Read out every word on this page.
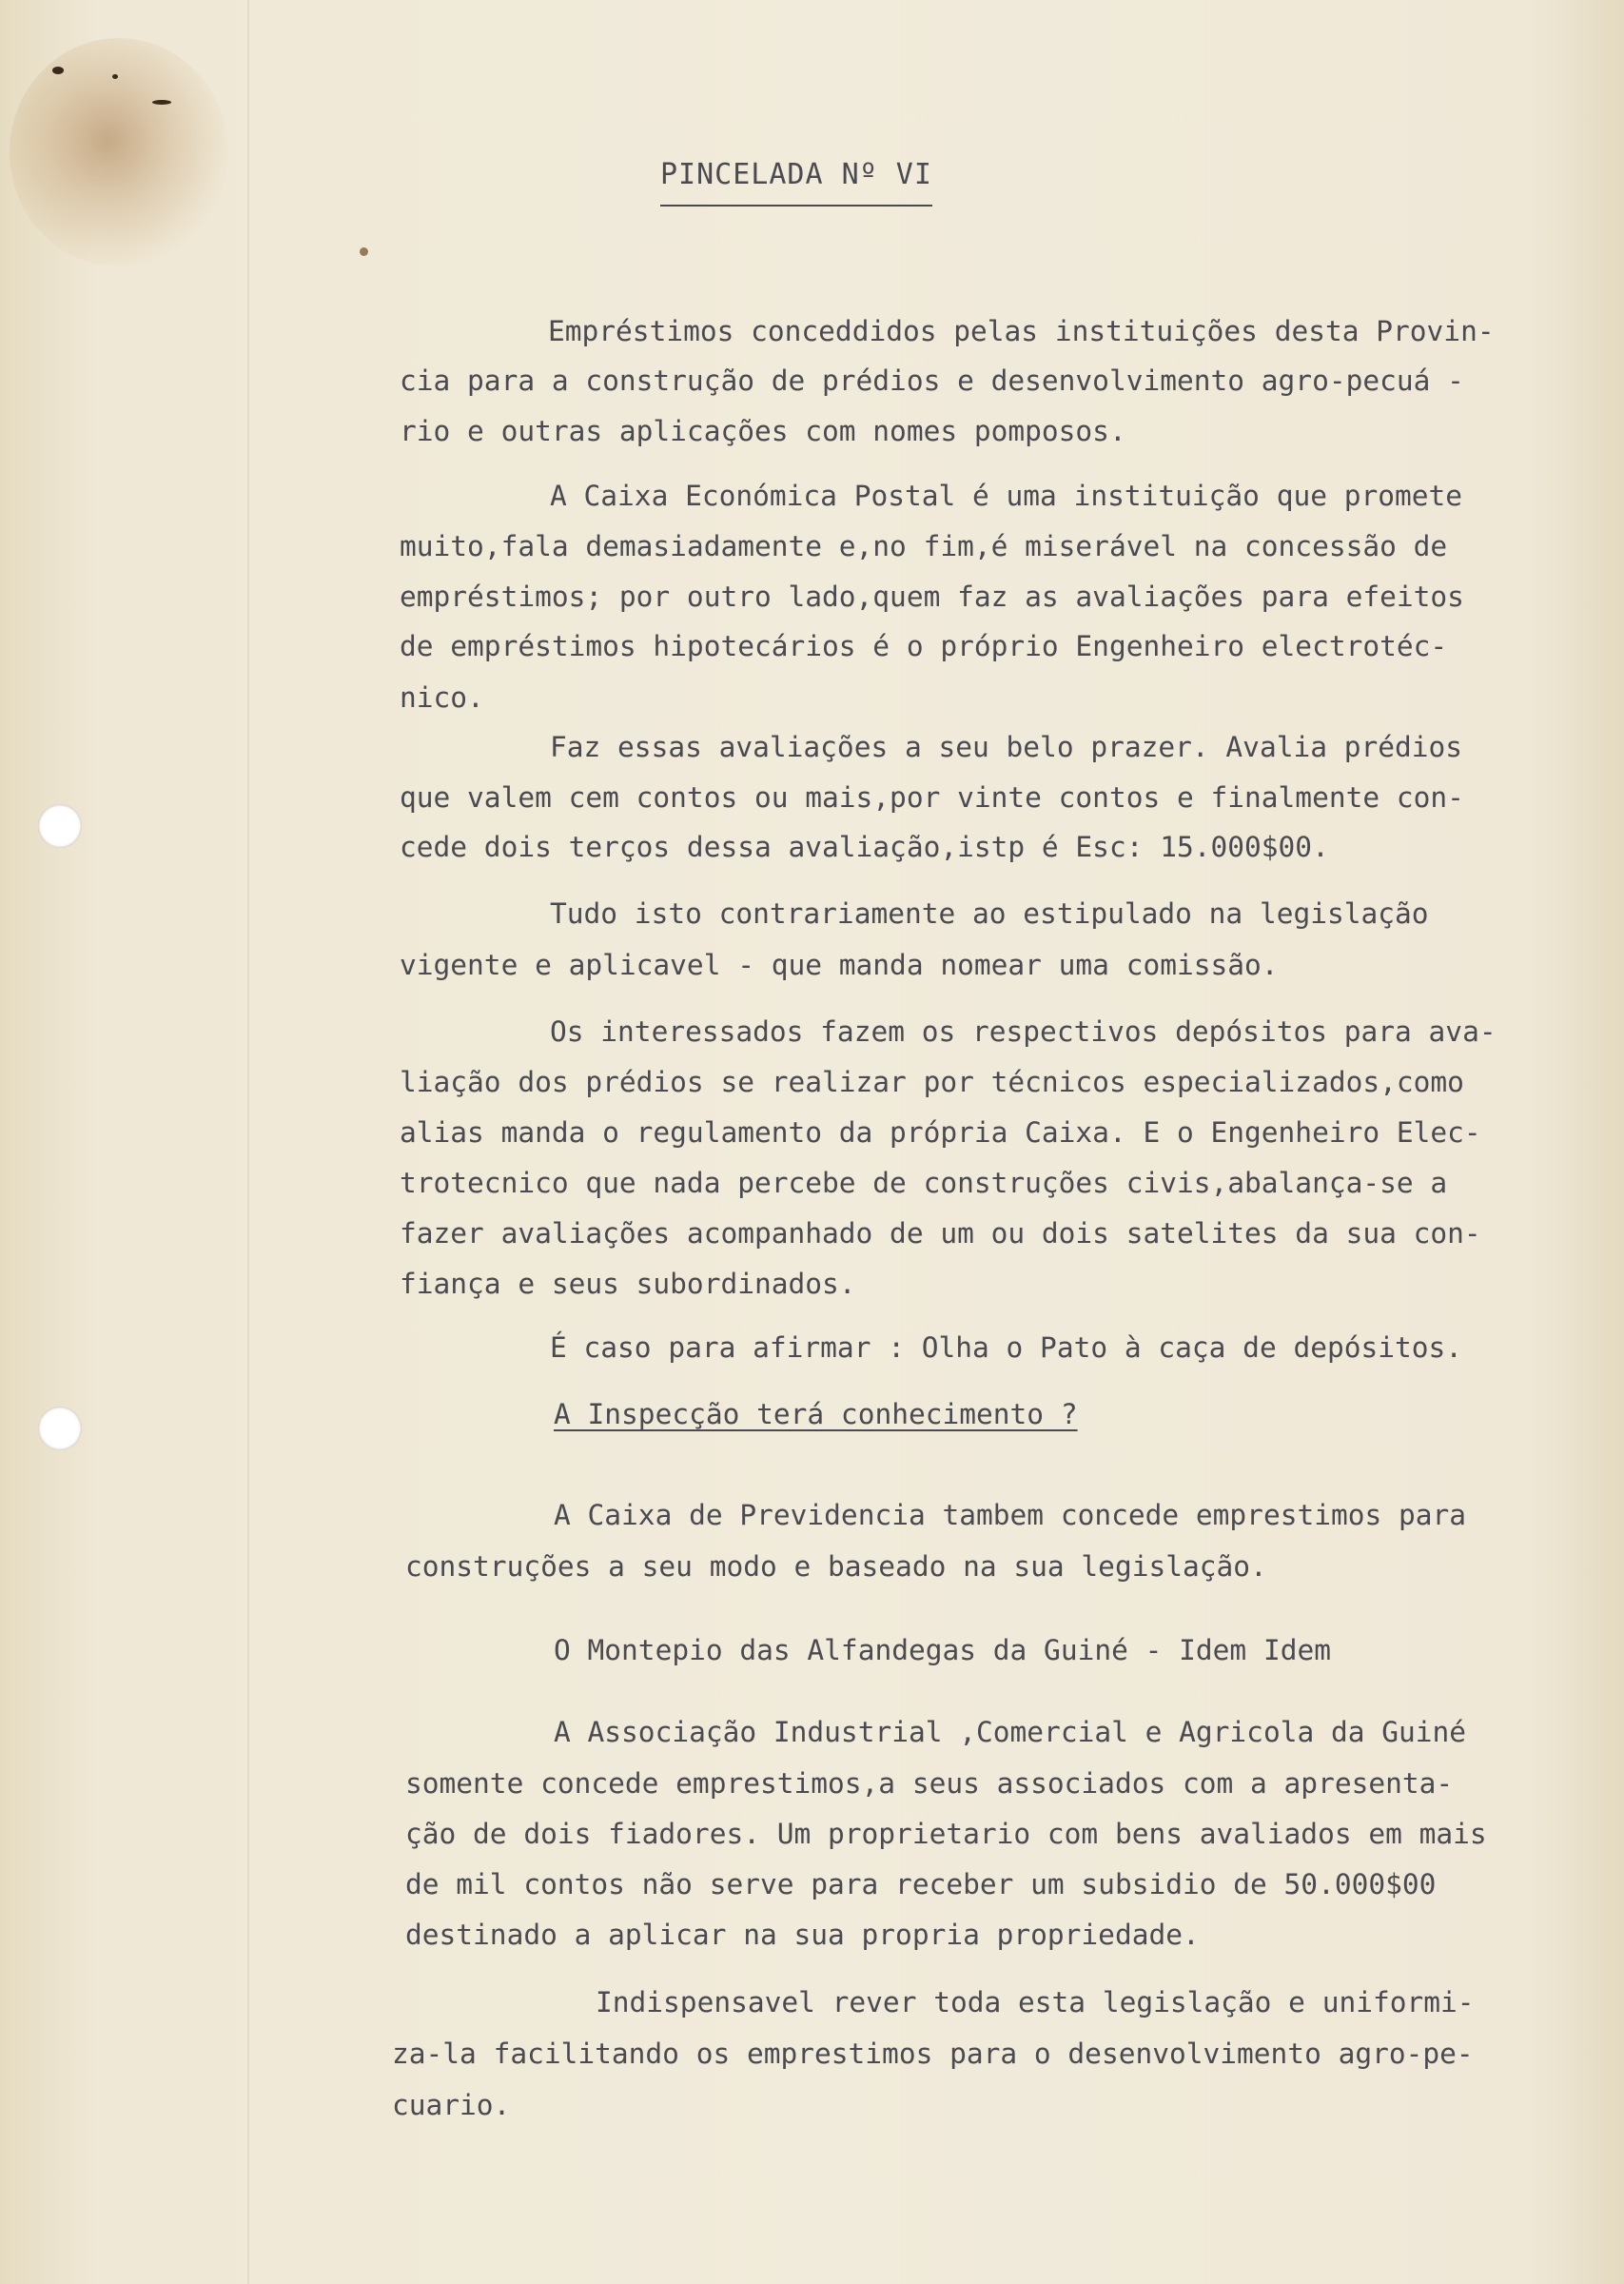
PINCELADA Nº VI
Empréstimos conceddidos pelas instituições desta Provin-
cia para a construção de prédios e desenvolvimento agro-pecuá -
rio e outras aplicações com nomes pomposos.
A Caixa Económica Postal é uma instituição que promete
muito,fala demasiadamente e,no fim,é miserável na concessão de
empréstimos; por outro lado,quem faz as avaliações para efeitos
de empréstimos hipotecários é o próprio Engenheiro electrotéc-
nico.
Faz essas avaliações a seu belo prazer. Avalia prédios
que valem cem contos ou mais,por vinte contos e finalmente con-
cede dois terços dessa avaliação,istp é Esc: 15.000$00.
Tudo isto contrariamente ao estipulado na legislação
vigente e aplicavel - que manda nomear uma comissão.
Os interessados fazem os respectivos depósitos para ava-
liação dos prédios se realizar por técnicos especializados,como
alias manda o regulamento da própria Caixa. E o Engenheiro Elec-
trotecnico que nada percebe de construções civis,abalança-se a
fazer avaliações acompanhado de um ou dois satelites da sua con-
fiança e seus subordinados.
É caso para afirmar : Olha o Pato à caça de depósitos.
A Inspecção terá conhecimento ?
A Caixa de Previdencia tambem concede emprestimos para
construções a seu modo e baseado na sua legislação.
O Montepio das Alfandegas da Guiné - Idem Idem
A Associação Industrial ,Comercial e Agricola da Guiné
somente concede emprestimos,a seus associados com a apresenta-
ção de dois fiadores. Um proprietario com bens avaliados em mais
de mil contos não serve para receber um subsidio de 50.000$00
destinado a aplicar na sua propria propriedade.
Indispensavel rever toda esta legislação e uniformi-
za-la facilitando os emprestimos para o desenvolvimento agro-pe-
cuario.
